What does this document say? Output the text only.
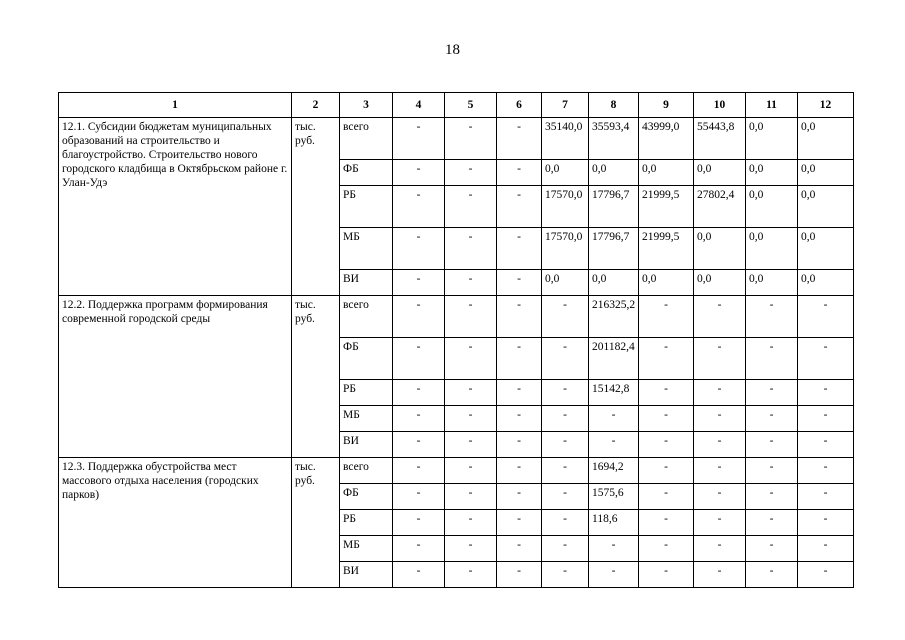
18
1	2	3	4	5	6	7	8	9	10	11	12
12.1. Субсидии бюджетам муниципальных образований на строительство и благоустройство. Строительство нового городского кладбища в Октябрьском районе г. Улан-Удэ	тыс. руб.	всего	-	-	-	35140,0	35593,4	43999,0	55443,8	0,0	0,0
		ФБ	-	-	-	0,0	0,0	0,0	0,0	0,0	0,0
		РБ	-	-	-	17570,0	17796,7	21999,5	27802,4	0,0	0,0
		МБ	-	-	-	17570,0	17796,7	21999,5	0,0	0,0	0,0
		ВИ	-	-	-	0,0	0,0	0,0	0,0	0,0	0,0
12.2. Поддержка программ формирования современной городской среды	тыс. руб.	всего	-	-	-	-	216325,2	-	-	-	-
		ФБ	-	-	-	-	201182,4	-	-	-	-
		РБ	-	-	-	-	15142,8	-	-	-	-
		МБ	-	-	-	-	-	-	-	-	-
		ВИ	-	-	-	-	-	-	-	-	-
12.3. Поддержка обустройства мест массового отдыха населения (городских парков)	тыс. руб.	всего	-	-	-	-	1694,2	-	-	-	-
		ФБ	-	-	-	-	1575,6	-	-	-	-
		РБ	-	-	-	-	118,6	-	-	-	-
		МБ	-	-	-	-	-	-	-	-	-
		ВИ	-	-	-	-	-	-	-	-	-
